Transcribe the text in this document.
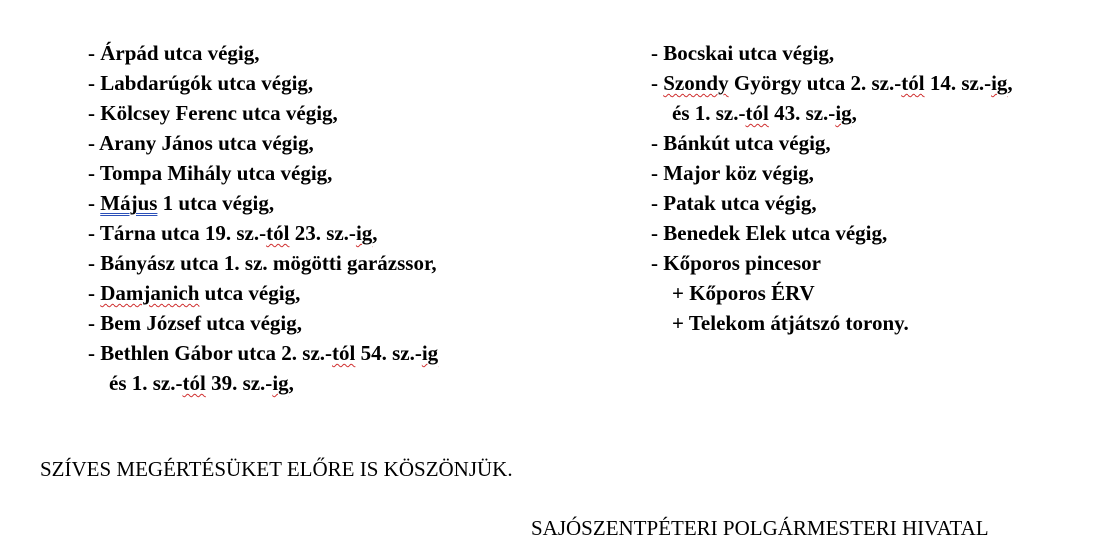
- Árpád utca végig,
- Labdarúgók utca végig,
- Kölcsey Ferenc utca végig,
- Arany János utca végig,
- Tompa Mihály utca végig,
- Május 1 utca végig,
- Tárna utca 19. sz.-tól 23. sz.-ig,
- Bányász utca 1. sz. mögötti garázssor,
- Damjanich utca végig,
- Bem József utca végig,
- Bethlen Gábor utca 2. sz.-tól 54. sz.-ig
és 1. sz.-tól 39. sz.-ig,
- Bocskai utca végig,
- Szondy György utca 2. sz.-tól 14. sz.-ig,
és 1. sz.-tól 43. sz.-ig,
- Bánkút utca végig,
- Major köz végig,
- Patak utca végig,
- Benedek Elek utca végig,
- Kőporos pincesor
+ Kőporos ÉRV
+ Telekom átjátszó torony.
SZÍVES MEGÉRTÉSÜKET ELŐRE IS KÖSZÖNJÜK.
SAJÓSZENTPÉTERI POLGÁRMESTERI HIVATAL
